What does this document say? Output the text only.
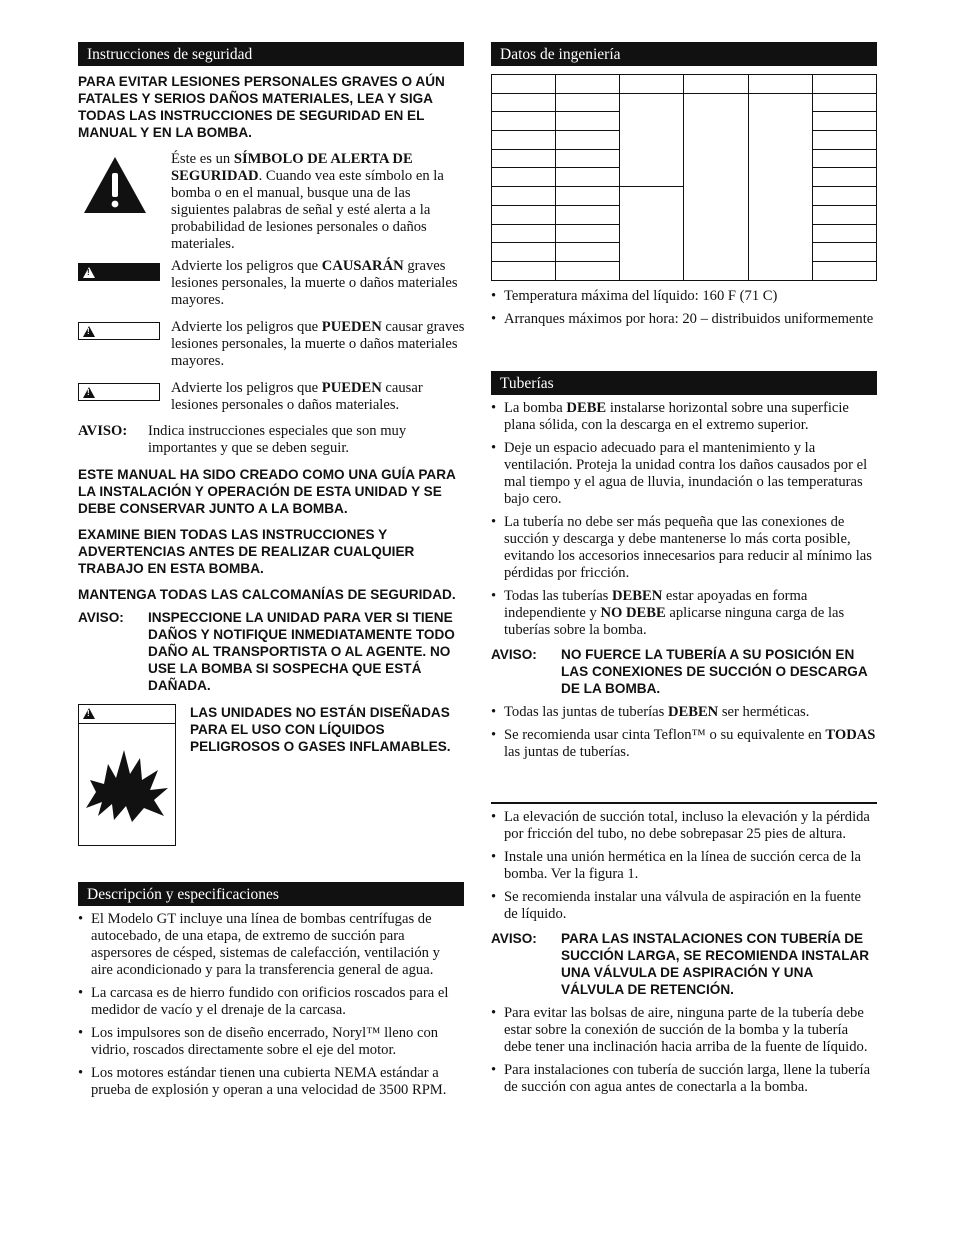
Instrucciones de seguridad

PARA EVITAR LESIONES PERSONALES GRAVES O AÚN FATALES Y SERIOS DAÑOS MATERIALES, LEA Y SIGA TODAS LAS INSTRUCCIONES DE SEGURIDAD EN EL MANUAL Y EN LA BOMBA.

Éste es un SÍMBOLO DE ALERTA DE SEGURIDAD. Cuando vea este símbolo en la bomba o en el manual, busque una de las siguientes palabras de señal y esté alerta a la probabilidad de lesiones personales o daños materiales.

!

Advierte los peligros que CAUSARÁN graves lesiones personales, la muerte o daños materiales mayores.

!

Advierte los peligros que PUEDEN causar graves lesiones personales, la muerte o daños materiales mayores.

!

Advierte los peligros que PUEDEN causar lesiones personales o daños materiales.

AVISO: Indica instrucciones especiales que son muy importantes y que se deben seguir.

ESTE MANUAL HA SIDO CREADO COMO UNA GUÍA PARA LA INSTALACIÓN Y OPERACIÓN DE ESTA UNIDAD Y SE DEBE CONSERVAR JUNTO A LA BOMBA.

EXAMINE BIEN TODAS LAS INSTRUCCIONES Y ADVERTENCIAS ANTES DE REALIZAR CUALQUIER TRABAJO EN ESTA BOMBA.

MANTENGA TODAS LAS CALCOMANÍAS DE SEGURIDAD.

AVISO: INSPECCIONE LA UNIDAD PARA VER SI TIENE DAÑOS Y NOTIFIQUE INMEDIATAMENTE TODO DAÑO AL TRANSPORTISTA O AL AGENTE. NO USE LA BOMBA SI SOSPECHA QUE ESTÁ DAÑADA.

!

LAS UNIDADES NO ESTÁN DISEÑADAS PARA EL USO CON LÍQUIDOS PELIGROSOS O GASES INFLAMABLES.

Descripción y especificaciones
• El Modelo GT incluye una línea de bombas centrífugas de autocebado, de una etapa, de extremo de succión para aspersores de césped, sistemas de calefacción, ventilación y aire acondicionado y para la transferencia general de agua.
• La carcasa es de hierro fundido con orificios roscados para el medidor de vacío y el drenaje de la carcasa.
• Los impulsores son de diseño encerrado, Noryl™ lleno con vidrio, roscados directamente sobre el eje del motor.
• Los motores estándar tienen una cubierta NEMA estándar a prueba de explosión y operan a una velocidad de 3500 RPM.
Datos de ingeniería

• Temperatura máxima del líquido: 160 F (71 C)
• Arranques máximos por hora: 20 – distribuidos uniformemente
Tuberías
• La bomba DEBE instalarse horizontal sobre una superficie plana sólida, con la descarga en el extremo superior.
• Deje un espacio adecuado para el mantenimiento y la ventilación. Proteja la unidad contra los daños causados por el mal tiempo y el agua de lluvia, inundación o las temperaturas bajo cero.
• La tubería no debe ser más pequeña que las conexiones de succión y descarga y debe mantenerse lo más corta posible, evitando los accesorios innecesarios para reducir al mínimo las pérdidas por fricción.
• Todas las tuberías DEBEN estar apoyadas en forma independiente y NO DEBE aplicarse ninguna carga de las tuberías sobre la bomba.
AVISO: NO FUERCE LA TUBERÍA A SU POSICIÓN EN LAS CONEXIONES DE SUCCIÓN O DESCARGA DE LA BOMBA.

• Todas las juntas de tuberías DEBEN ser herméticas.
• Se recomienda usar cinta Teflon™ o su equivalente en TODAS las juntas de tuberías.
• La elevación de succión total, incluso la elevación y la pérdida por fricción del tubo, no debe sobrepasar 25 pies de altura.
• Instale una unión hermética en la línea de succión cerca de la bomba. Ver la figura 1.
• Se recomienda instalar una válvula de aspiración en la fuente de líquido.
AVISO: PARA LAS INSTALACIONES CON TUBERÍA DE SUCCIÓN LARGA, SE RECOMIENDA INSTALAR UNA VÁLVULA DE ASPIRACIÓN Y UNA VÁLVULA DE RETENCIÓN.

• Para evitar las bolsas de aire, ninguna parte de la tubería debe estar sobre la conexión de succión de la bomba y la tubería debe tener una inclinación hacia arriba de la fuente de líquido.
• Para instalaciones con tubería de succión larga, llene la tubería de succión con agua antes de conectarla a la bomba.
